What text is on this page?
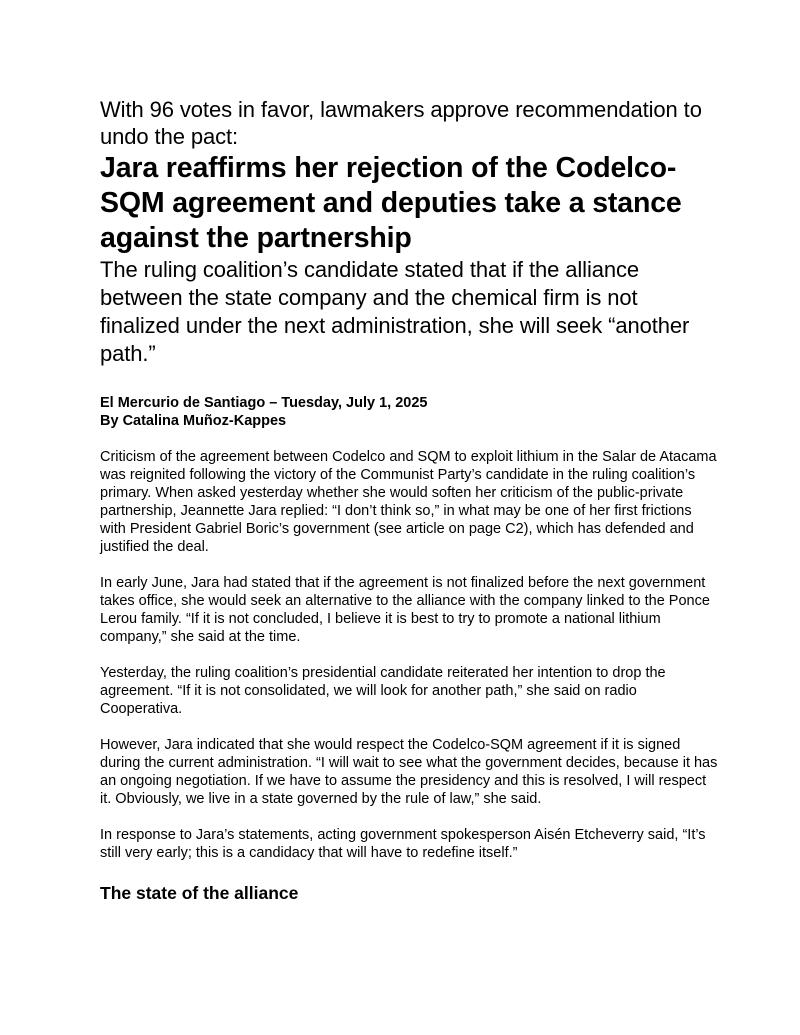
With 96 votes in favor, lawmakers approve recommendation to undo the pact:
Jara reaffirms her rejection of the Codelco-SQM agreement and deputies take a stance against the partnership

The ruling coalition’s candidate stated that if the alliance between the state company and the chemical firm is not finalized under the next administration, she will seek “another path.”

El Mercurio de Santiago – Tuesday, July 1, 2025
By Catalina Muñoz-Kappes

Criticism of the agreement between Codelco and SQM to exploit lithium in the Salar de Atacama was reignited following the victory of the Communist Party’s candidate in the ruling coalition’s primary. When asked yesterday whether she would soften her criticism of the public-private partnership, Jeannette Jara replied: “I don’t think so,” in what may be one of her first frictions with President Gabriel Boric’s government (see article on page C2), which has defended and justified the deal.

In early June, Jara had stated that if the agreement is not finalized before the next government takes office, she would seek an alternative to the alliance with the company linked to the Ponce Lerou family. “If it is not concluded, I believe it is best to try to promote a national lithium company,” she said at the time.

Yesterday, the ruling coalition’s presidential candidate reiterated her intention to drop the agreement. “If it is not consolidated, we will look for another path,” she said on radio Cooperativa.

However, Jara indicated that she would respect the Codelco-SQM agreement if it is signed during the current administration. “I will wait to see what the government decides, because it has an ongoing negotiation. If we have to assume the presidency and this is resolved, I will respect it. Obviously, we live in a state governed by the rule of law,” she said.

In response to Jara’s statements, acting government spokesperson Aisén Etcheverry said, “It’s still very early; this is a candidacy that will have to redefine itself.”

The state of the alliance
